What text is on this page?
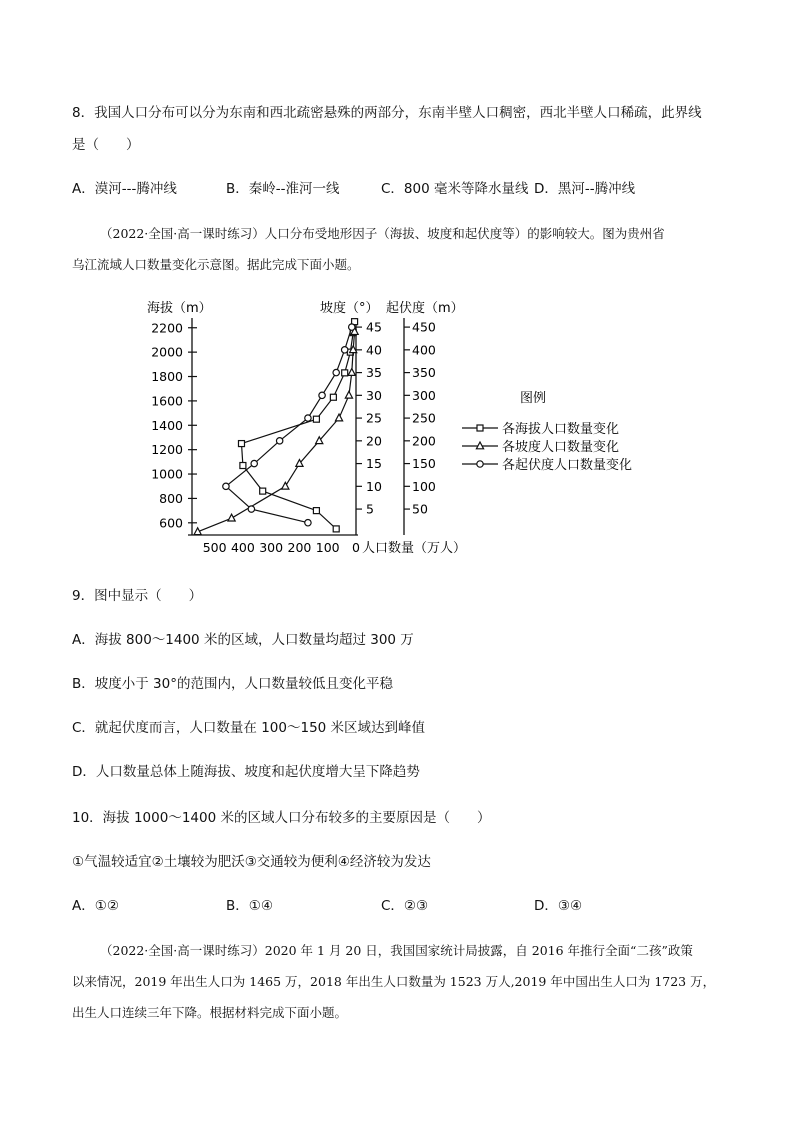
8．我国人口分布可以分为东南和西北疏密悬殊的两部分，东南半壁人口稠密，西北半壁人口稀疏，此界线
是（　　）
A．漠河---腾冲线	B．秦岭--淮河一线	C．800 毫米等降水量线 D．黑河--腾冲线
（2022·全国·高一课时练习）人口分布受地形因子（海拔、坡度和起伏度等）的影响较大。图为贵州省
乌江流域人口数量变化示意图。据此完成下面小题。
海拔（m）	坡度（°） 起伏度（m）
人口数量（万人）
2200
2000
1800
1600
1400
1200
1000
800
600
45
40
35
30
25
20
15
10
5
450
400
350
300
250
200
150
100
50
500 400 300 200 100 0
图例
各海拔人口数量变化
各坡度人口数量变化
各起伏度人口数量变化
9．图中显示（　　）
A．海拔 800～1400 米的区域，人口数量均超过 300 万
B．坡度小于 30°的范围内，人口数量较低且变化平稳
C．就起伏度而言，人口数量在 100～150 米区域达到峰值
D．人口数量总体上随海拔、坡度和起伏度增大呈下降趋势
10．海拔 1000～1400 米的区域人口分布较多的主要原因是（　　）
①气温较适宜②土壤较为肥沃③交通较为便利④经济较为发达
A．①②	B．①④	C．②③	D．③④
（2022·全国·高一课时练习）2020 年 1 月 20 日，我国国家统计局披露，自 2016 年推行全面“二孩”政策
以来情况，2019 年出生人口为 1465 万，2018 年出生人口数量为 1523 万人,2019 年中国出生人口为 1723 万，
出生人口连续三年下降。根据材料完成下面小题。
